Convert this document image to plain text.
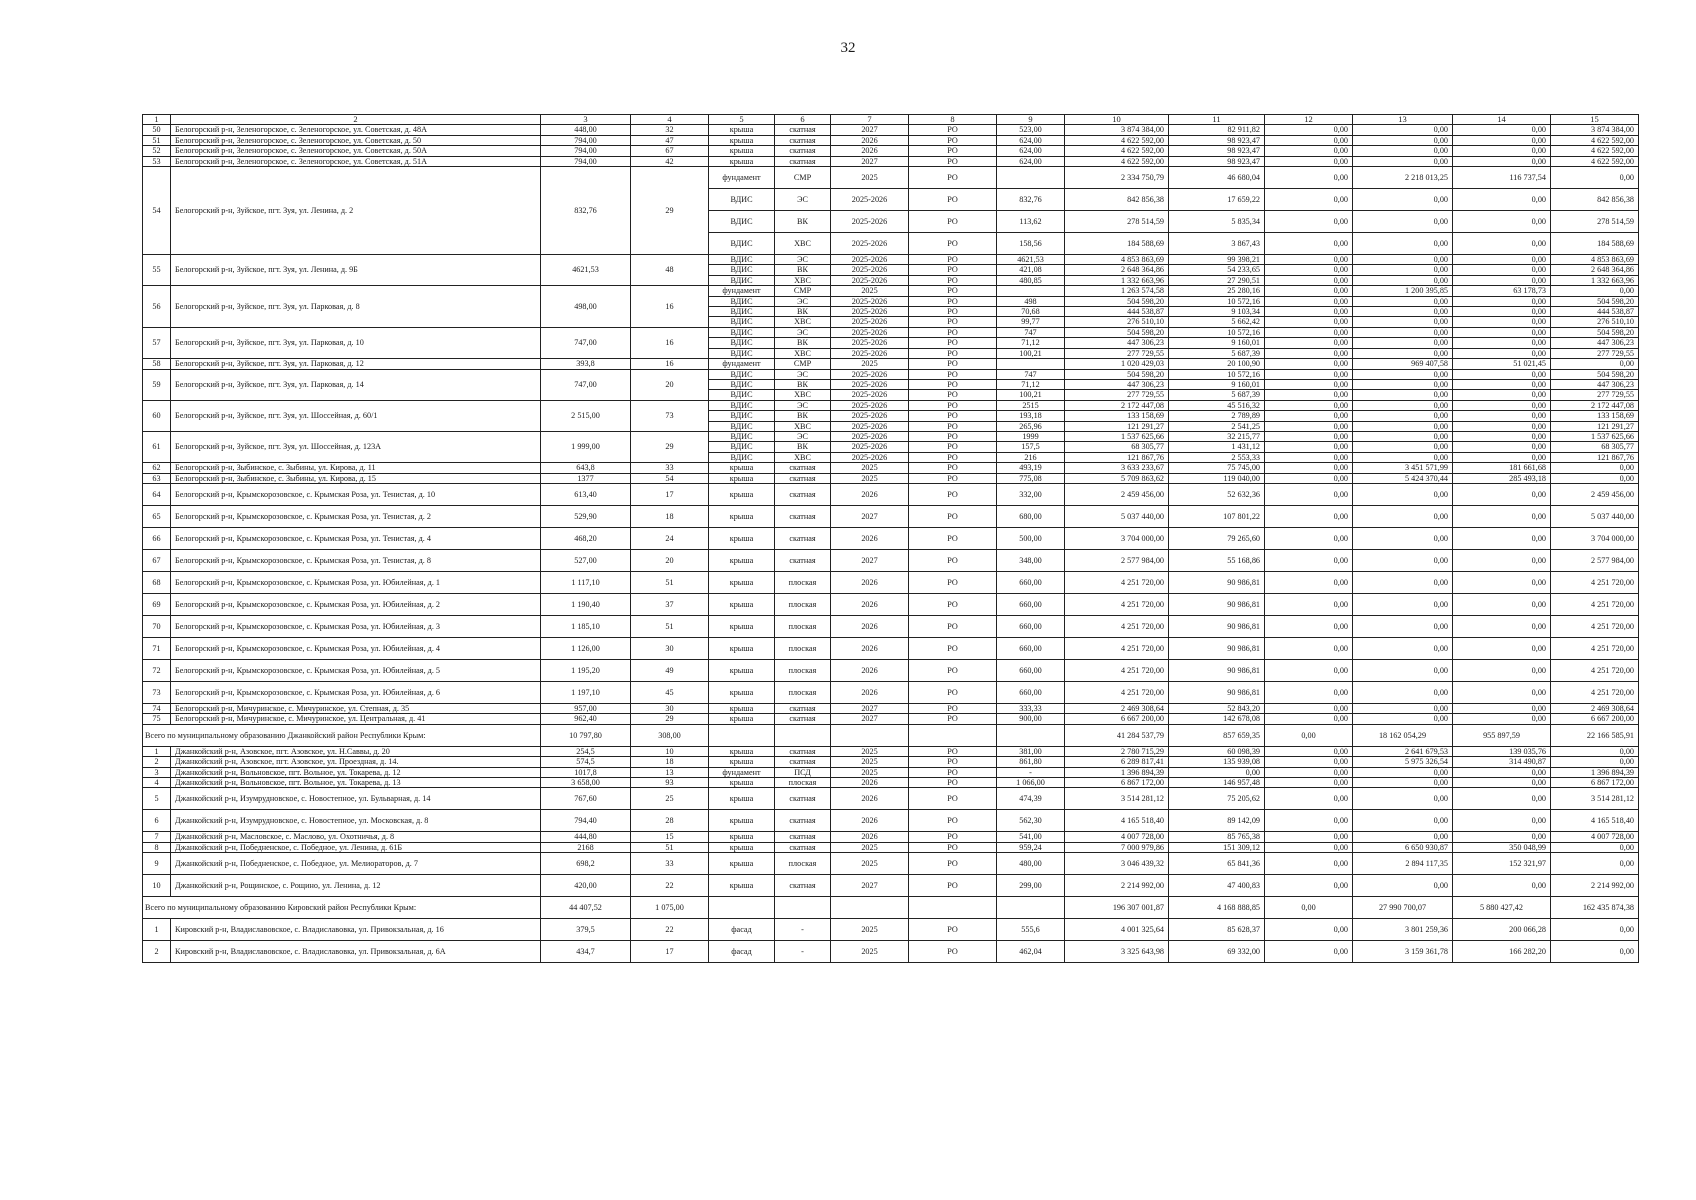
32
1	2	3	4	5	6	7	8	9	10	11	12	13	14	15
50	Белогорский р-н, Зеленогорское, с. Зеленогорское, ул. Советская, д. 48А	448,00	32	крыша	скатная	2027	РО	523,00	3 874 384,00	82 911,82	0,00	0,00	0,00	3 874 384,00
51	Белогорский р-н, Зеленогорское, с. Зеленогорское, ул. Советская, д. 50	794,00	47	крыша	скатная	2026	РО	624,00	4 622 592,00	98 923,47	0,00	0,00	0,00	4 622 592,00
52	Белогорский р-н, Зеленогорское, с. Зеленогорское, ул. Советская, д. 50А	794,00	67	крыша	скатная	2026	РО	624,00	4 622 592,00	98 923,47	0,00	0,00	0,00	4 622 592,00
53	Белогорский р-н, Зеленогорское, с. Зеленогорское, ул. Советская, д. 51А	794,00	42	крыша	скатная	2027	РО	624,00	4 622 592,00	98 923,47	0,00	0,00	0,00	4 622 592,00
54	Белогорский р-н, Зуйское, пгт. Зуя, ул. Ленина, д. 2	832,76	29	фундамент	СМР	2025	РО		2 334 750,79	46 680,04	0,00	2 218 013,25	116 737,54	0,00
				ВДИС	ЭС	2025-2026	РО	832,76	842 856,38	17 659,22	0,00	0,00	0,00	842 856,38
				ВДИС	ВК	2025-2026	РО	113,62	278 514,59	5 835,34	0,00	0,00	0,00	278 514,59
				ВДИС	ХВС	2025-2026	РО	158,56	184 588,69	3 867,43	0,00	0,00	0,00	184 588,69
55	Белогорский р-н, Зуйское, пгт. Зуя, ул. Ленина, д. 9Б	4621,53	48	ВДИС	ЭС	2025-2026	РО	4621,53	4 853 863,69	99 398,21	0,00	0,00	0,00	4 853 863,69
				ВДИС	ВК	2025-2026	РО	421,08	2 648 364,86	54 233,65	0,00	0,00	0,00	2 648 364,86
				ВДИС	ХВС	2025-2026	РО	480,85	1 332 663,96	27 290,51	0,00	0,00	0,00	1 332 663,96
56	Белогорский р-н, Зуйское, пгт. Зуя, ул. Парковая, д. 8	498,00	16	фундамент	СМР	2025	РО		1 263 574,58	25 280,16	0,00	1 200 395,85	63 178,73	0,00
				ВДИС	ЭС	2025-2026	РО	498	504 598,20	10 572,16	0,00	0,00	0,00	504 598,20
				ВДИС	ВК	2025-2026	РО	70,68	444 538,87	9 103,34	0,00	0,00	0,00	444 538,87
				ВДИС	ХВС	2025-2026	РО	99,77	276 510,10	5 662,42	0,00	0,00	0,00	276 510,10
57	Белогорский р-н, Зуйское, пгт. Зуя, ул. Парковая, д. 10	747,00	16	ВДИС	ЭС	2025-2026	РО	747	504 598,20	10 572,16	0,00	0,00	0,00	504 598,20
				ВДИС	ВК	2025-2026	РО	71,12	447 306,23	9 160,01	0,00	0,00	0,00	447 306,23
				ВДИС	ХВС	2025-2026	РО	100,21	277 729,55	5 687,39	0,00	0,00	0,00	277 729,55
58	Белогорский р-н, Зуйское, пгт. Зуя, ул. Парковая, д. 12	393,8	16	фундамент	СМР	2025	РО		1 020 429,03	20 100,90	0,00	969 407,58	51 021,45	0,00
59	Белогорский р-н, Зуйское, пгт. Зуя, ул. Парковая, д. 14	747,00	20	ВДИС	ЭС	2025-2026	РО	747	504 598,20	10 572,16	0,00	0,00	0,00	504 598,20
				ВДИС	ВК	2025-2026	РО	71,12	447 306,23	9 160,01	0,00	0,00	0,00	447 306,23
				ВДИС	ХВС	2025-2026	РО	100,21	277 729,55	5 687,39	0,00	0,00	0,00	277 729,55
60	Белогорский р-н, Зуйское, пгт. Зуя, ул. Шоссейная, д. 60/1	2 515,00	73	ВДИС	ЭС	2025-2026	РО	2515	2 172 447,08	45 516,32	0,00	0,00	0,00	2 172 447,08
				ВДИС	ВК	2025-2026	РО	193,18	133 158,69	2 789,89	0,00	0,00	0,00	133 158,69
				ВДИС	ХВС	2025-2026	РО	265,96	121 291,27	2 541,25	0,00	0,00	0,00	121 291,27
61	Белогорский р-н, Зуйское, пгт. Зуя, ул. Шоссейная, д. 123А	1 999,00	29	ВДИС	ЭС	2025-2026	РО	1999	1 537 625,66	32 215,77	0,00	0,00	0,00	1 537 625,66
				ВДИС	ВК	2025-2026	РО	157,5	68 305,77	1 431,12	0,00	0,00	0,00	68 305,77
				ВДИС	ХВС	2025-2026	РО	216	121 867,76	2 553,33	0,00	0,00	0,00	121 867,76
62	Белогорский р-н, Зыбинское, с. Зыбины, ул. Кирова, д. 11	643,8	33	крыша	скатная	2025	РО	493,19	3 633 233,67	75 745,00	0,00	3 451 571,99	181 661,68	0,00
63	Белогорский р-н, Зыбинское, с. Зыбины, ул. Кирова, д. 15	1377	54	крыша	скатная	2025	РО	775,08	5 709 863,62	119 040,00	0,00	5 424 370,44	285 493,18	0,00
64	Белогорский р-н, Крымскорозовское, с. Крымская Роза, ул. Тенистая, д. 10	613,40	17	крыша	скатная	2026	РО	332,00	2 459 456,00	52 632,36	0,00	0,00	0,00	2 459 456,00
65	Белогорский р-н, Крымскорозовское, с. Крымская Роза, ул. Тенистая, д. 2	529,90	18	крыша	скатная	2027	РО	680,00	5 037 440,00	107 801,22	0,00	0,00	0,00	5 037 440,00
66	Белогорский р-н, Крымскорозовское, с. Крымская Роза, ул. Тенистая, д. 4	468,20	24	крыша	скатная	2026	РО	500,00	3 704 000,00	79 265,60	0,00	0,00	0,00	3 704 000,00
67	Белогорский р-н, Крымскорозовское, с. Крымская Роза, ул. Тенистая, д. 8	527,00	20	крыша	скатная	2027	РО	348,00	2 577 984,00	55 168,86	0,00	0,00	0,00	2 577 984,00
68	Белогорский р-н, Крымскорозовское, с. Крымская Роза, ул. Юбилейная, д. 1	1 117,10	51	крыша	плоская	2026	РО	660,00	4 251 720,00	90 986,81	0,00	0,00	0,00	4 251 720,00
69	Белогорский р-н, Крымскорозовское, с. Крымская Роза, ул. Юбилейная, д. 2	1 190,40	37	крыша	плоская	2026	РО	660,00	4 251 720,00	90 986,81	0,00	0,00	0,00	4 251 720,00
70	Белогорский р-н, Крымскорозовское, с. Крымская Роза, ул. Юбилейная, д. 3	1 185,10	51	крыша	плоская	2026	РО	660,00	4 251 720,00	90 986,81	0,00	0,00	0,00	4 251 720,00
71	Белогорский р-н, Крымскорозовское, с. Крымская Роза, ул. Юбилейная, д. 4	1 126,00	30	крыша	плоская	2026	РО	660,00	4 251 720,00	90 986,81	0,00	0,00	0,00	4 251 720,00
72	Белогорский р-н, Крымскорозовское, с. Крымская Роза, ул. Юбилейная, д. 5	1 195,20	49	крыша	плоская	2026	РО	660,00	4 251 720,00	90 986,81	0,00	0,00	0,00	4 251 720,00
73	Белогорский р-н, Крымскорозовское, с. Крымская Роза, ул. Юбилейная, д. 6	1 197,10	45	крыша	плоская	2026	РО	660,00	4 251 720,00	90 986,81	0,00	0,00	0,00	4 251 720,00
74	Белогорский р-н, Мичуринское, с. Мичуринское, ул. Степная, д. 35	957,00	30	крыша	скатная	2027	РО	333,33	2 469 308,64	52 843,20	0,00	0,00	0,00	2 469 308,64
75	Белогорский р-н, Мичуринское, с. Мичуринское, ул. Центральная, д. 41	962,40	29	крыша	скатная	2027	РО	900,00	6 667 200,00	142 678,08	0,00	0,00	0,00	6 667 200,00
Всего по муниципальному образованию Джанкойский район Республики Крым:		10 797,80	308,00						41 284 537,79	857 659,35	0,00	18 162 054,29	955 897,59	22 166 585,91
1	Джанкойский р-н, Азовское, пгт. Азовское, ул. Н.Саввы, д. 20	254,5	10	крыша	скатная	2025	РО	381,00	2 780 715,29	60 098,39	0,00	2 641 679,53	139 035,76	0,00
2	Джанкойский р-н, Азовское, пгт. Азовское, ул. Проездная, д. 14.	574,5	18	крыша	скатная	2025	РО	861,80	6 289 817,41	135 939,08	0,00	5 975 326,54	314 490,87	0,00
3	Джанкойский р-н, Вольновское, пгт. Вольное, ул. Токарева, д. 12	1017,8	13	фундамент	ПСД	2025	РО	-	1 396 894,39	0,00	0,00	0,00	0,00	1 396 894,39
4	Джанкойский р-н, Вольновское, пгт. Вольное, ул. Токарева, д. 13	3 658,00	93	крыша	плоская	2026	РО	1 066,00	6 867 172,00	146 957,48	0,00	0,00	0,00	6 867 172,00
5	Джанкойский р-н, Изумрудновское, с. Новостепное, ул. Бульварная, д. 14	767,60	25	крыша	скатная	2026	РО	474,39	3 514 281,12	75 205,62	0,00	0,00	0,00	3 514 281,12
6	Джанкойский р-н, Изумрудновское, с. Новостепное, ул. Московская, д. 8	794,40	28	крыша	скатная	2026	РО	562,30	4 165 518,40	89 142,09	0,00	0,00	0,00	4 165 518,40
7	Джанкойский р-н, Масловское, с. Маслово, ул. Охотничья, д. 8	444,80	15	крыша	скатная	2026	РО	541,00	4 007 728,00	85 765,38	0,00	0,00	0,00	4 007 728,00
8	Джанкойский р-н, Победненское, с. Победное, ул. Ленина, д. 61Б	2168	51	крыша	скатная	2025	РО	959,24	7 000 979,86	151 309,12	0,00	6 650 930,87	350 048,99	0,00
9	Джанкойский р-н, Победненское, с. Победное, ул. Мелиораторов, д. 7	698,2	33	крыша	плоская	2025	РО	480,00	3 046 439,32	65 841,36	0,00	2 894 117,35	152 321,97	0,00
10	Джанкойский р-н, Рощинское, с. Рощино, ул. Ленина, д. 12	420,00	22	крыша	скатная	2027	РО	299,00	2 214 992,00	47 400,83	0,00	0,00	0,00	2 214 992,00
Всего по муниципальному образованию Кировский район Республики Крым:		44 407,52	1 075,00						196 307 001,87	4 168 888,85	0,00	27 990 700,07	5 880 427,42	162 435 874,38
1	Кировский р-н, Владиславовское, с. Владиславовка, ул. Привокзальная, д. 16	379,5	22	фасад	-	2025	РО	555,6	4 001 325,64	85 628,37	0,00	3 801 259,36	200 066,28	0,00
2	Кировский р-н, Владиславовское, с. Владиславовка, ул. Привокзальная, д. 6А	434,7	17	фасад	-	2025	РО	462,04	3 325 643,98	69 332,00	0,00	3 159 361,78	166 282,20	0,00
